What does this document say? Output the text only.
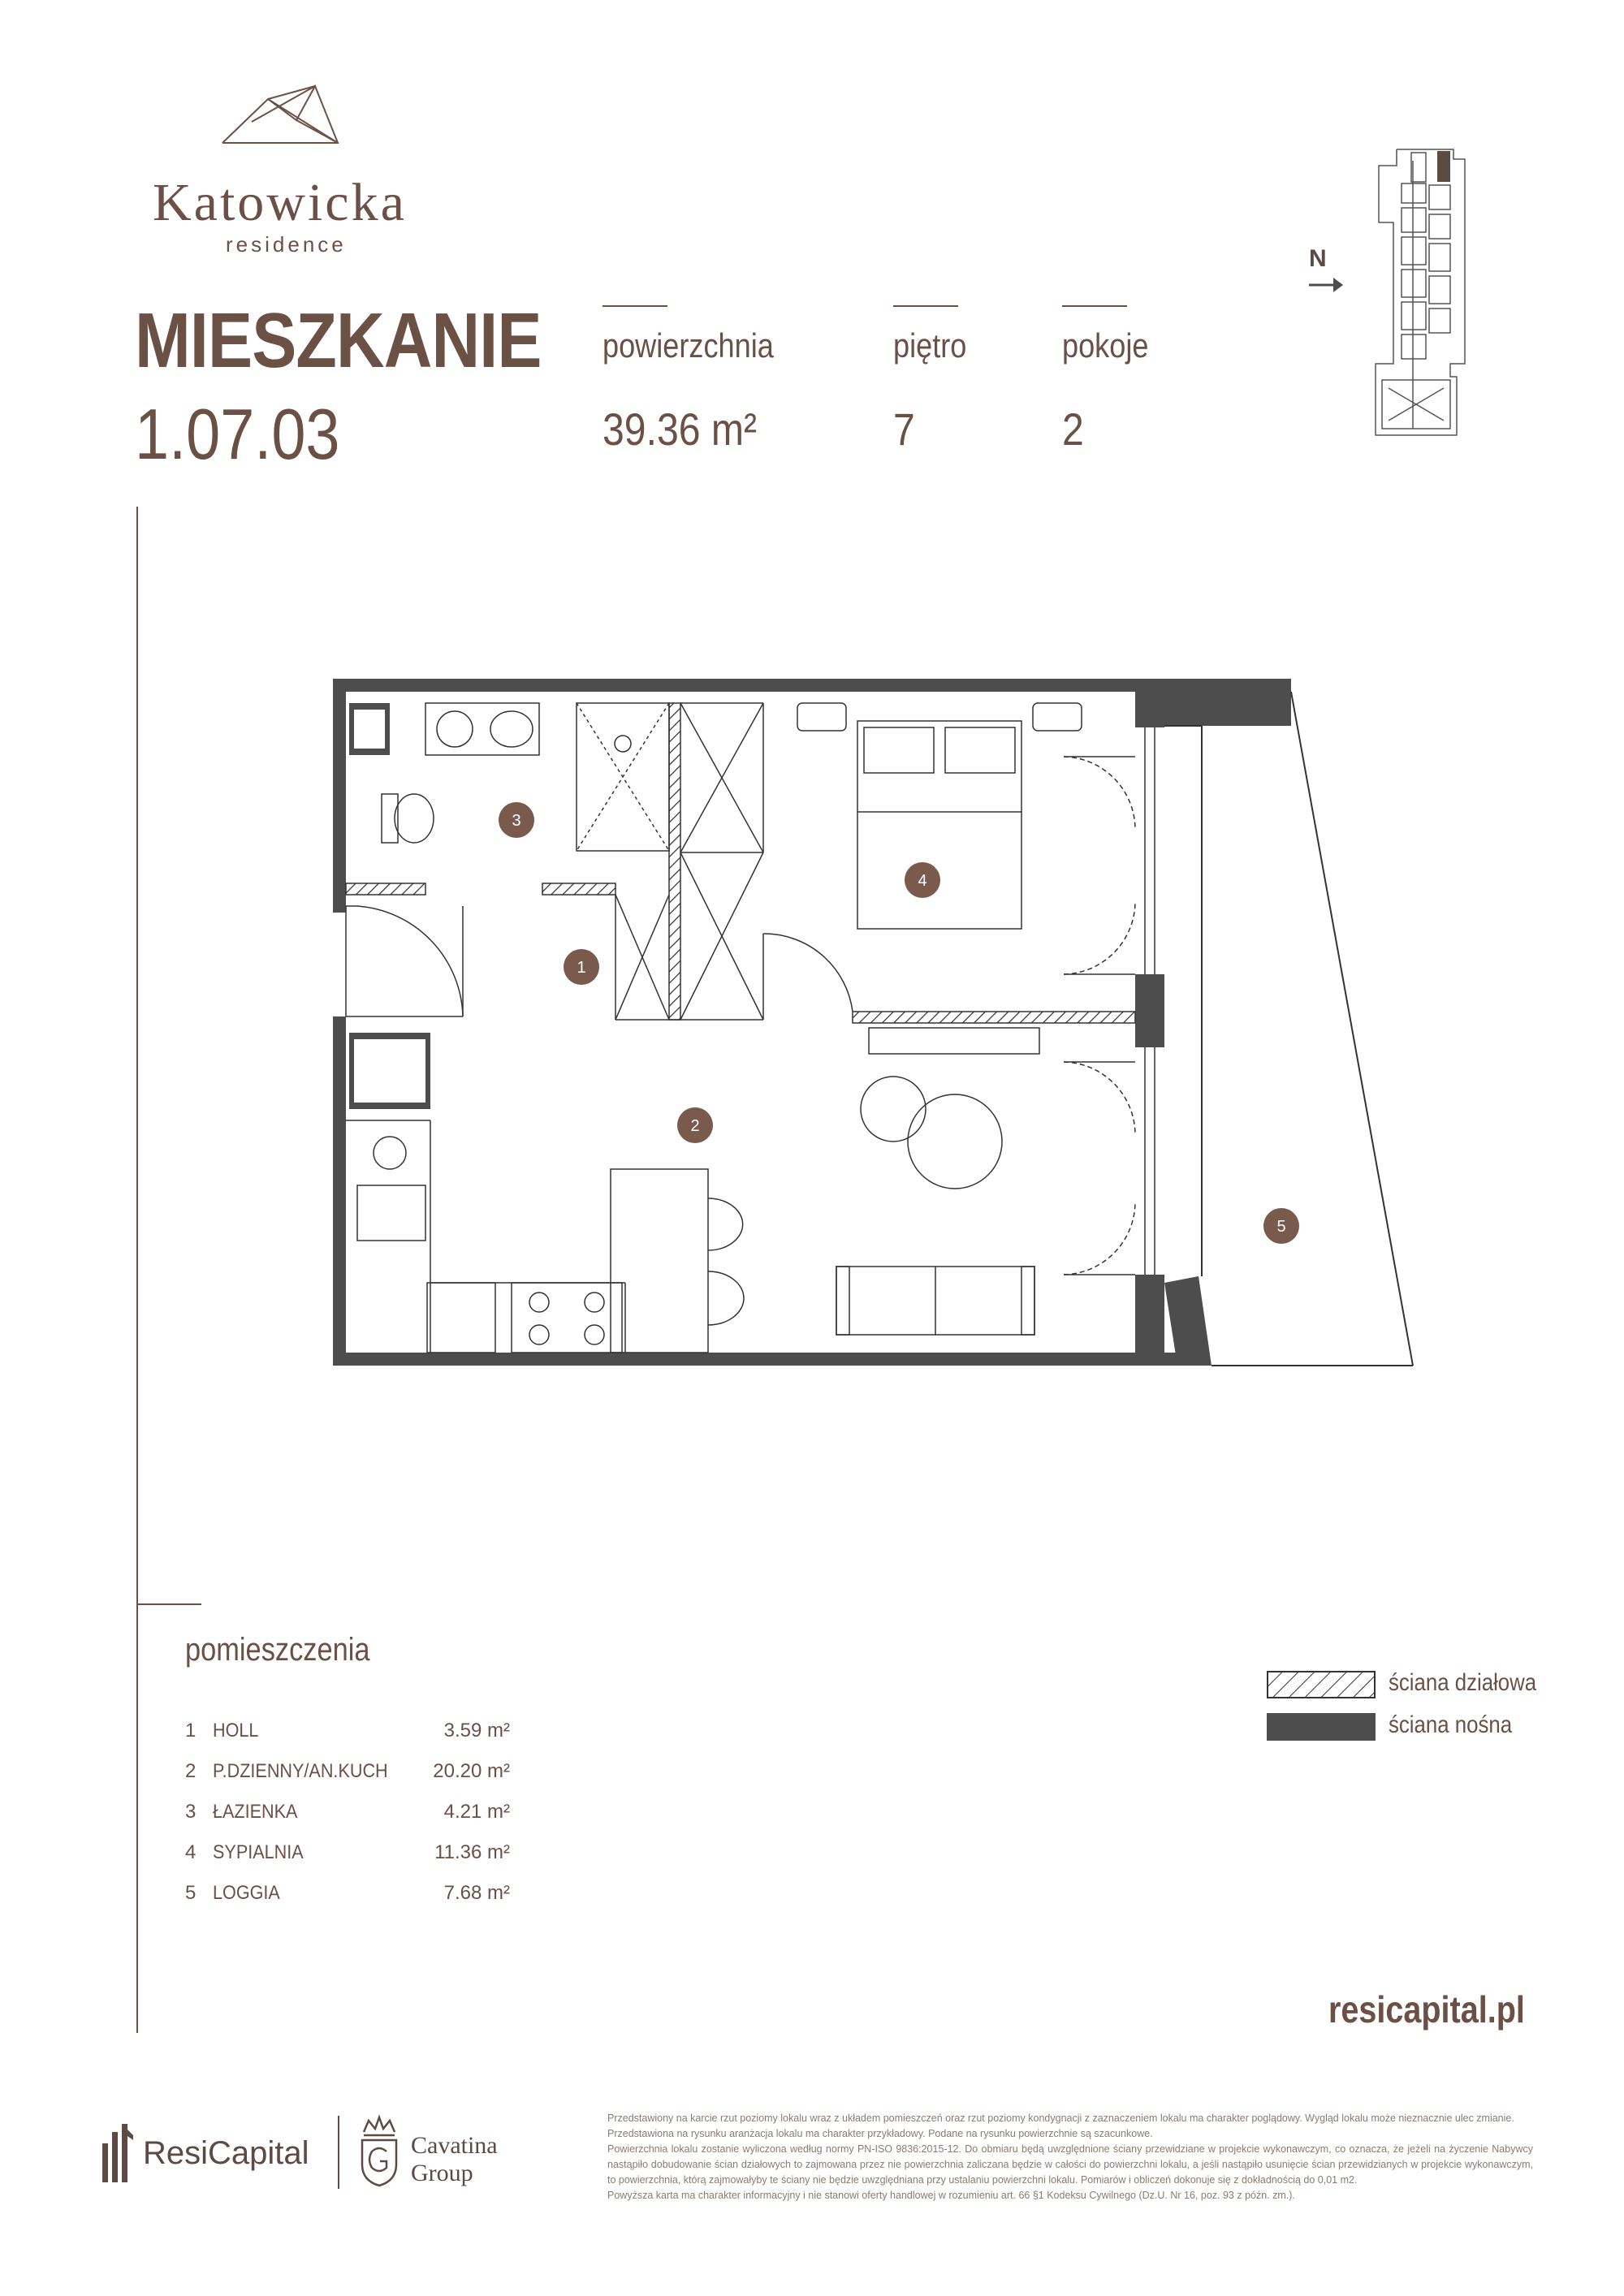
Katowicka
residence
MIESZKANIE
1.07.03
powierzchnia
39.36 m²
piętro
7
pokoje
2
N
3
1
2
4
5
pomieszczenia
1 HOLL	3.59 m²
2 P.DZIENNY/AN.KUCH 20.20 m²
3 ŁAZIENKA	4.21 m²
4 SYPIALNIA	11.36 m²
5 LOGGIA	7.68 m²
ściana działowa
ściana nośna
resicapital.pl
ResiCapital	Cavatina
Group

Przedstawiony na karcie rzut poziomy lokalu wraz z układem pomieszczeń oraz rzut poziomy kondygnacji z zaznaczeniem lokalu ma charakter poglądowy. Wygląd lokalu może nieznacznie ulec zmianie.

Przedstawiona na rysunku aranżacja lokalu ma charakter przykładowy. Podane na rysunku powierzchnie są szacunkowe.

Powierzchnia lokalu zostanie wyliczona według normy PN-ISO 9836:2015-12. Do obmiaru będą uwzględnione ściany przewidziane w projekcie wykonawczym, co oznacza, że jeżeli na życzenie Nabywcy nastąpiło dobudowanie ścian działowych to zajmowana przez nie powierzchnia zaliczana będzie w całości do powierzchni lokalu, a jeśli nastąpiło usunięcie ścian przewidzianych w projekcie wykonawczym, to powierzchnia, którą zajmowałyby te ściany nie będzie uwzględniana przy ustalaniu powierzchni lokalu. Pomiarów i obliczeń dokonuje się z dokładnością do 0,01 m2.

Powyższa karta ma charakter informacyjny i nie stanowi oferty handlowej w rozumieniu art. 66 §1 Kodeksu Cywilnego (Dz.U. Nr 16, poz. 93 z późn. zm.).
